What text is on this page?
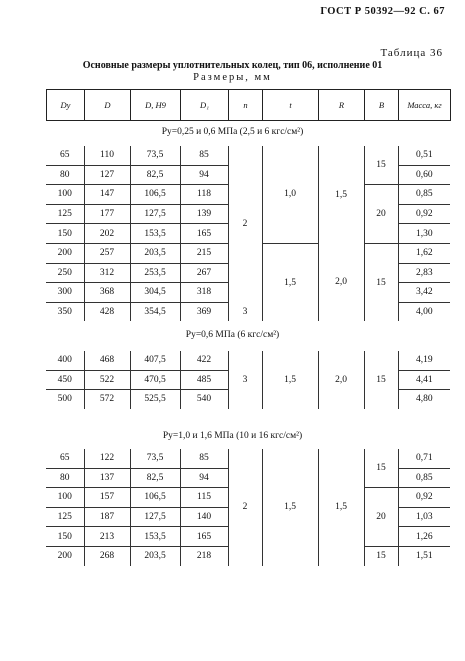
ГОСТ Р 50392—92 С. 67
Таблица 36
Основные размеры уплотнительных колец, тип 06, исполнение 01
Размеры, мм
Dу	D	D, H9	D₁	n	t	R	B	Масса, кг
Pу=0,25 и 0,6 МПа (2,5 и 6 кгс/см²)
65	110	73,5	85	2	1,0	1,5	15	0,51
80	127	82,5	94					0,60
100	147	106,5	118				20	0,85
125	177	127,5	139					0,92
150	202	153,5	165					1,30
200	257	203,5	215		1,5	2,0	15	1,62
250	312	253,5	267					2,83
300	368	304,5	318					3,42
350	428	354,5	369	3				4,00
Pу=0,6 МПа (6 кгс/см²)
400	468	407,5	422	3	1,5	2,0	15	4,19
450	522	470,5	485					4,41
500	572	525,5	540					4,80
Pу=1,0 и 1,6 МПа (10 и 16 кгс/см²)
65	122	73,5	85	2	1,5	1,5	15	0,71
80	137	82,5	94					0,85
100	157	106,5	115				20	0,92
125	187	127,5	140					1,03
150	213	153,5	165					1,26
200	268	203,5	218				15	1,51
